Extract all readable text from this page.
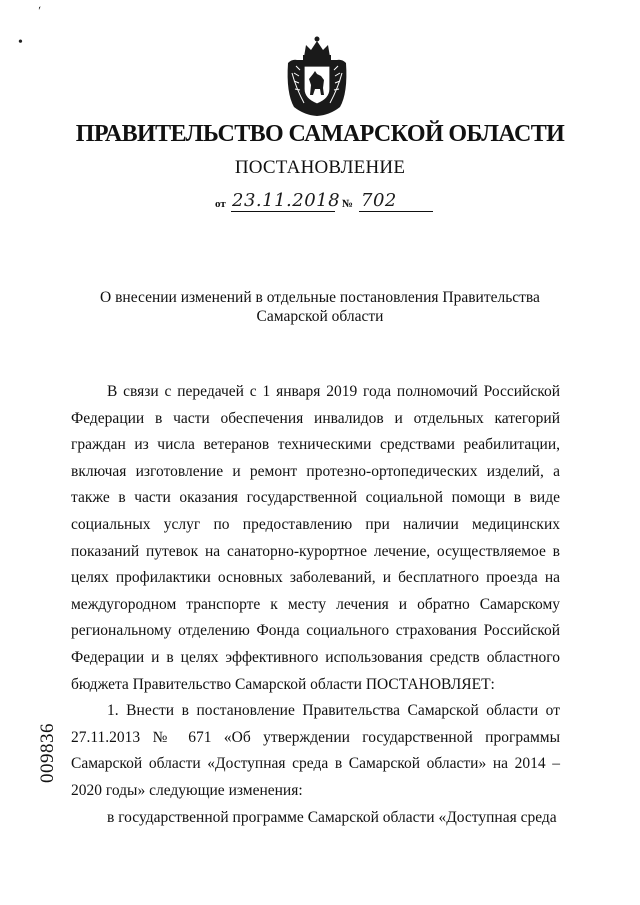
ˊ
•
ПРАВИТЕЛЬСТВО САМАРСКОЙ ОБЛАСТИ
ПОСТАНОВЛЕНИЕ
от 23.11.2018 № 702
О внесении изменений в отдельные постановления Правительства
Самарской области

В связи с передачей с 1 января 2019 года полномочий Российской Федерации в части обеспечения инвалидов и отдельных категорий граждан из числа ветеранов техническими средствами реабилитации, включая изготовление и ремонт протезно-ортопедических изделий, а также в части оказания государственной социальной помощи в виде социальных услуг по предоставлению при наличии медицинских показаний путевок на санаторно-курортное лечение, осуществляемое в целях профилактики основных заболеваний, и бесплатного проезда на междугородном транспорте к месту лечения и обратно Самарскому региональному отделению Фонда социального страхования Российской Федерации и в целях эффективного использования средств областного бюджета Правительство Самарской области ПОСТАНОВЛЯЕТ:

1. Внести в постановление Правительства Самарской области от 27.11.2013 № 671 «Об утверждении государственной программы Самарской области «Доступная среда в Самарской области» на 2014 – 2020 годы» следующие изменения:

в государственной программе Самарской области «Доступная среда

009836
